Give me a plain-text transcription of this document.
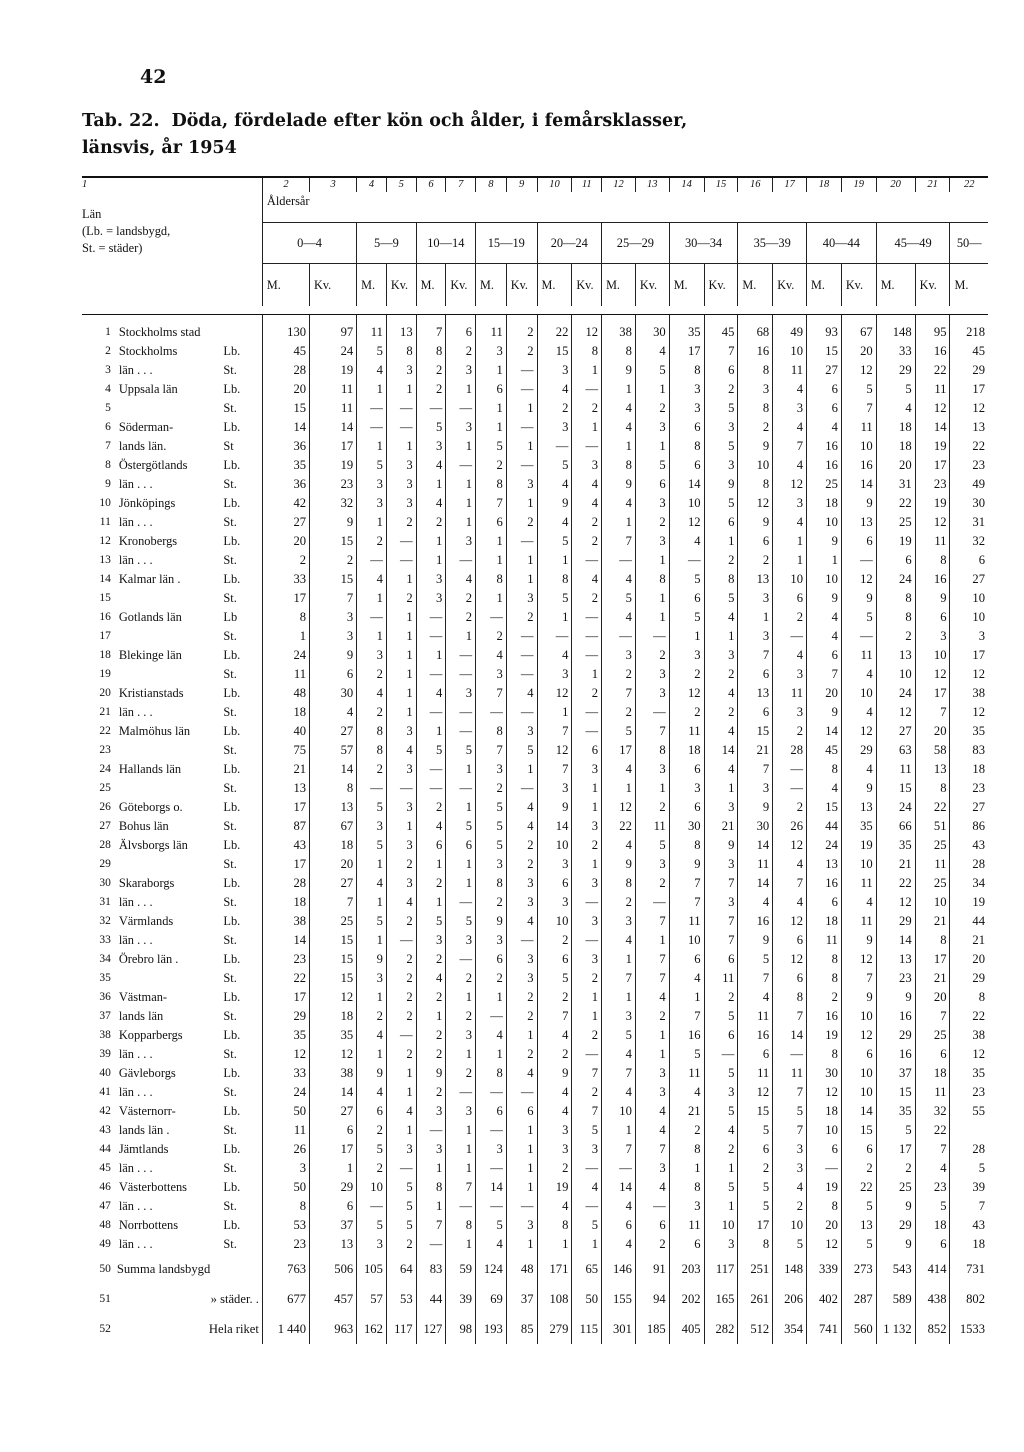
42
Tab. 22. Döda, fördelade efter kön och ålder, i femårsklasser,
länsvis, år 1954
1			2	3	4	5	6	7	8	9	10	11	12	13	14	15	16	17	18	19	20	21	22

Län
(Lb. = landsbygd,
St. = städer)			Åldersår																				
			0—4		5—9		10—14		15—19		20—24		25—29		30—34		35—39		40—44		45—49		50—
			M.	Kv.	M.	Kv.	M.	Kv.	M.	Kv.	M.	Kv.	M.	Kv.	M.	Kv.	M.	Kv.	M.	Kv.	M.	Kv.	M.

1	Stockholms stad		130	97	11	13	7	6	11	2	22	12	38	30	35	45	68	49	93	67	148	95	218
2	Stockholms	Lb.	45	24	5	8	8	2	3	2	15	8	8	4	17	7	16	10	15	20	33	16	45
3	län . . .	St.	28	19	4	3	2	3	1	—	3	1	9	5	8	6	8	11	27	12	29	22	29
4	Uppsala län	Lb.	20	11	1	1	2	1	6	—	4	—	1	1	3	2	3	4	6	5	5	11	17
5		St.	15	11	—	—	—	—	1	1	2	2	4	2	3	5	8	3	6	7	4	12	12
6	Söderman-	Lb.	14	14	—	—	5	3	1	—	3	1	4	3	6	3	2	4	4	11	18	14	13
7	lands län.	St	36	17	1	1	3	1	5	1	—	—	1	1	8	5	9	7	16	10	18	19	22
8	Östergötlands	Lb.	35	19	5	3	4	—	2	—	5	3	8	5	6	3	10	4	16	16	20	17	23
9	län . . .	St.	36	23	3	3	1	1	8	3	4	4	9	6	14	9	8	12	25	14	31	23	49
10	Jönköpings	Lb.	42	32	3	3	4	1	7	1	9	4	4	3	10	5	12	3	18	9	22	19	30
11	län . . .	St.	27	9	1	2	2	1	6	2	4	2	1	2	12	6	9	4	10	13	25	12	31
12	Kronobergs	Lb.	20	15	2	—	1	3	1	—	5	2	7	3	4	1	6	1	9	6	19	11	32
13	län . . .	St.	2	2	—	—	1	—	1	1	1	—	—	1	—	2	2	1	1	—	6	8	6
14	Kalmar län .	Lb.	33	15	4	1	3	4	8	1	8	4	4	8	5	8	13	10	10	12	24	16	27
15		St.	17	7	1	2	3	2	1	3	5	2	5	1	6	5	3	6	9	9	8	9	10
16	Gotlands län	Lb	8	3	—	1	—	2	—	2	1	—	4	1	5	4	1	2	4	5	8	6	10
17		St.	1	3	1	1	—	1	2	—	—	—	—	—	1	1	3	—	4	—	2	3	3
18	Blekinge län	Lb.	24	9	3	1	1	—	4	—	4	—	3	2	3	3	7	4	6	11	13	10	17
19		St.	11	6	2	1	—	—	3	—	3	1	2	3	2	2	6	3	7	4	10	12	12
20	Kristianstads	Lb.	48	30	4	1	4	3	7	4	12	2	7	3	12	4	13	11	20	10	24	17	38
21	län . . .	St.	18	4	2	1	—	—	—	—	1	—	2	—	2	2	6	3	9	4	12	7	12
22	Malmöhus län	Lb.	40	27	8	3	1	—	8	3	7	—	5	7	11	4	15	2	14	12	27	20	35
23		St.	75	57	8	4	5	5	7	5	12	6	17	8	18	14	21	28	45	29	63	58	83
24	Hallands län	Lb.	21	14	2	3	—	1	3	1	7	3	4	3	6	4	7	—	8	4	11	13	18
25		St.	13	8	—	—	—	—	2	—	3	1	1	1	3	1	3	—	4	9	15	8	23
26	Göteborgs o.	Lb.	17	13	5	3	2	1	5	4	9	1	12	2	6	3	9	2	15	13	24	22	27
27	Bohus län	St.	87	67	3	1	4	5	5	4	14	3	22	11	30	21	30	26	44	35	66	51	86
28	Älvsborgs län	Lb.	43	18	5	3	6	6	5	2	10	2	4	5	8	9	14	12	24	19	35	25	43
29		St.	17	20	1	2	1	1	3	2	3	1	9	3	9	3	11	4	13	10	21	11	28
30	Skaraborgs	Lb.	28	27	4	3	2	1	8	3	6	3	8	2	7	7	14	7	16	11	22	25	34
31	län . . .	St.	18	7	1	4	1	—	2	3	3	—	2	—	7	3	4	4	6	4	12	10	19
32	Värmlands	Lb.	38	25	5	2	5	5	9	4	10	3	3	7	11	7	16	12	18	11	29	21	44
33	län . . .	St.	14	15	1	—	3	3	3	—	2	—	4	1	10	7	9	6	11	9	14	8	21
34	Örebro län .	Lb.	23	15	9	2	2	—	6	3	6	3	1	7	6	6	5	12	8	12	13	17	20
35		St.	22	15	3	2	4	2	2	3	5	2	7	7	4	11	7	6	8	7	23	21	29
36	Västman-	Lb.	17	12	1	2	2	1	1	2	2	1	1	4	1	2	4	8	2	9	9	20	8
37	lands län	St.	29	18	2	2	1	2	—	2	7	1	3	2	7	5	11	7	16	10	16	7	22
38	Kopparbergs	Lb.	35	35	4	—	2	3	4	1	4	2	5	1	16	6	16	14	19	12	29	25	38
39	län . . .	St.	12	12	1	2	2	1	1	2	2	—	4	1	5	—	6	—	8	6	16	6	12
40	Gävleborgs	Lb.	33	38	9	1	9	2	8	4	9	7	7	3	11	5	11	11	30	10	37	18	35
41	län . . .	St.	24	14	4	1	2	—	—	—	4	2	4	3	4	3	12	7	12	10	15	11	23
42	Västernorr-	Lb.	50	27	6	4	3	3	6	6	4	7	10	4	21	5	15	5	18	14	35	32	55
43	lands län .	St.	11	6	2	1	—	1	—	1	3	5	1	4	2	4	5	7	10	15	5	22	
44	Jämtlands	Lb.	26	17	5	3	3	1	3	1	3	3	7	7	8	2	6	3	6	6	17	7	28
45	län . . .	St.	3	1	2	—	1	1	—	1	2	—	—	3	1	1	2	3	—	2	2	4	5
46	Västerbottens	Lb.	50	29	10	5	8	7	14	1	19	4	14	4	8	5	5	4	19	22	25	23	39
47	län . . .	St.	8	6	—	5	1	—	—	—	4	—	4	—	3	1	5	2	8	5	9	5	7
48	Norrbottens	Lb.	53	37	5	5	7	8	5	3	8	5	6	6	11	10	17	10	20	13	29	18	43
49	län . . .	St.	23	13	3	2	—	1	4	1	1	1	4	2	6	3	8	5	12	5	9	6	18
50	Summa landsbygd		763	506	105	64	83	59	124	48	171	65	146	91	203	117	251	148	339	273	543	414	731
51	» städer. .		677	457	57	53	44	39	69	37	108	50	155	94	202	165	261	206	402	287	589	438	802
52	Hela riket		1 440	963	162	117	127	98	193	85	279	115	301	185	405	282	512	354	741	560	1 132	852	1533
